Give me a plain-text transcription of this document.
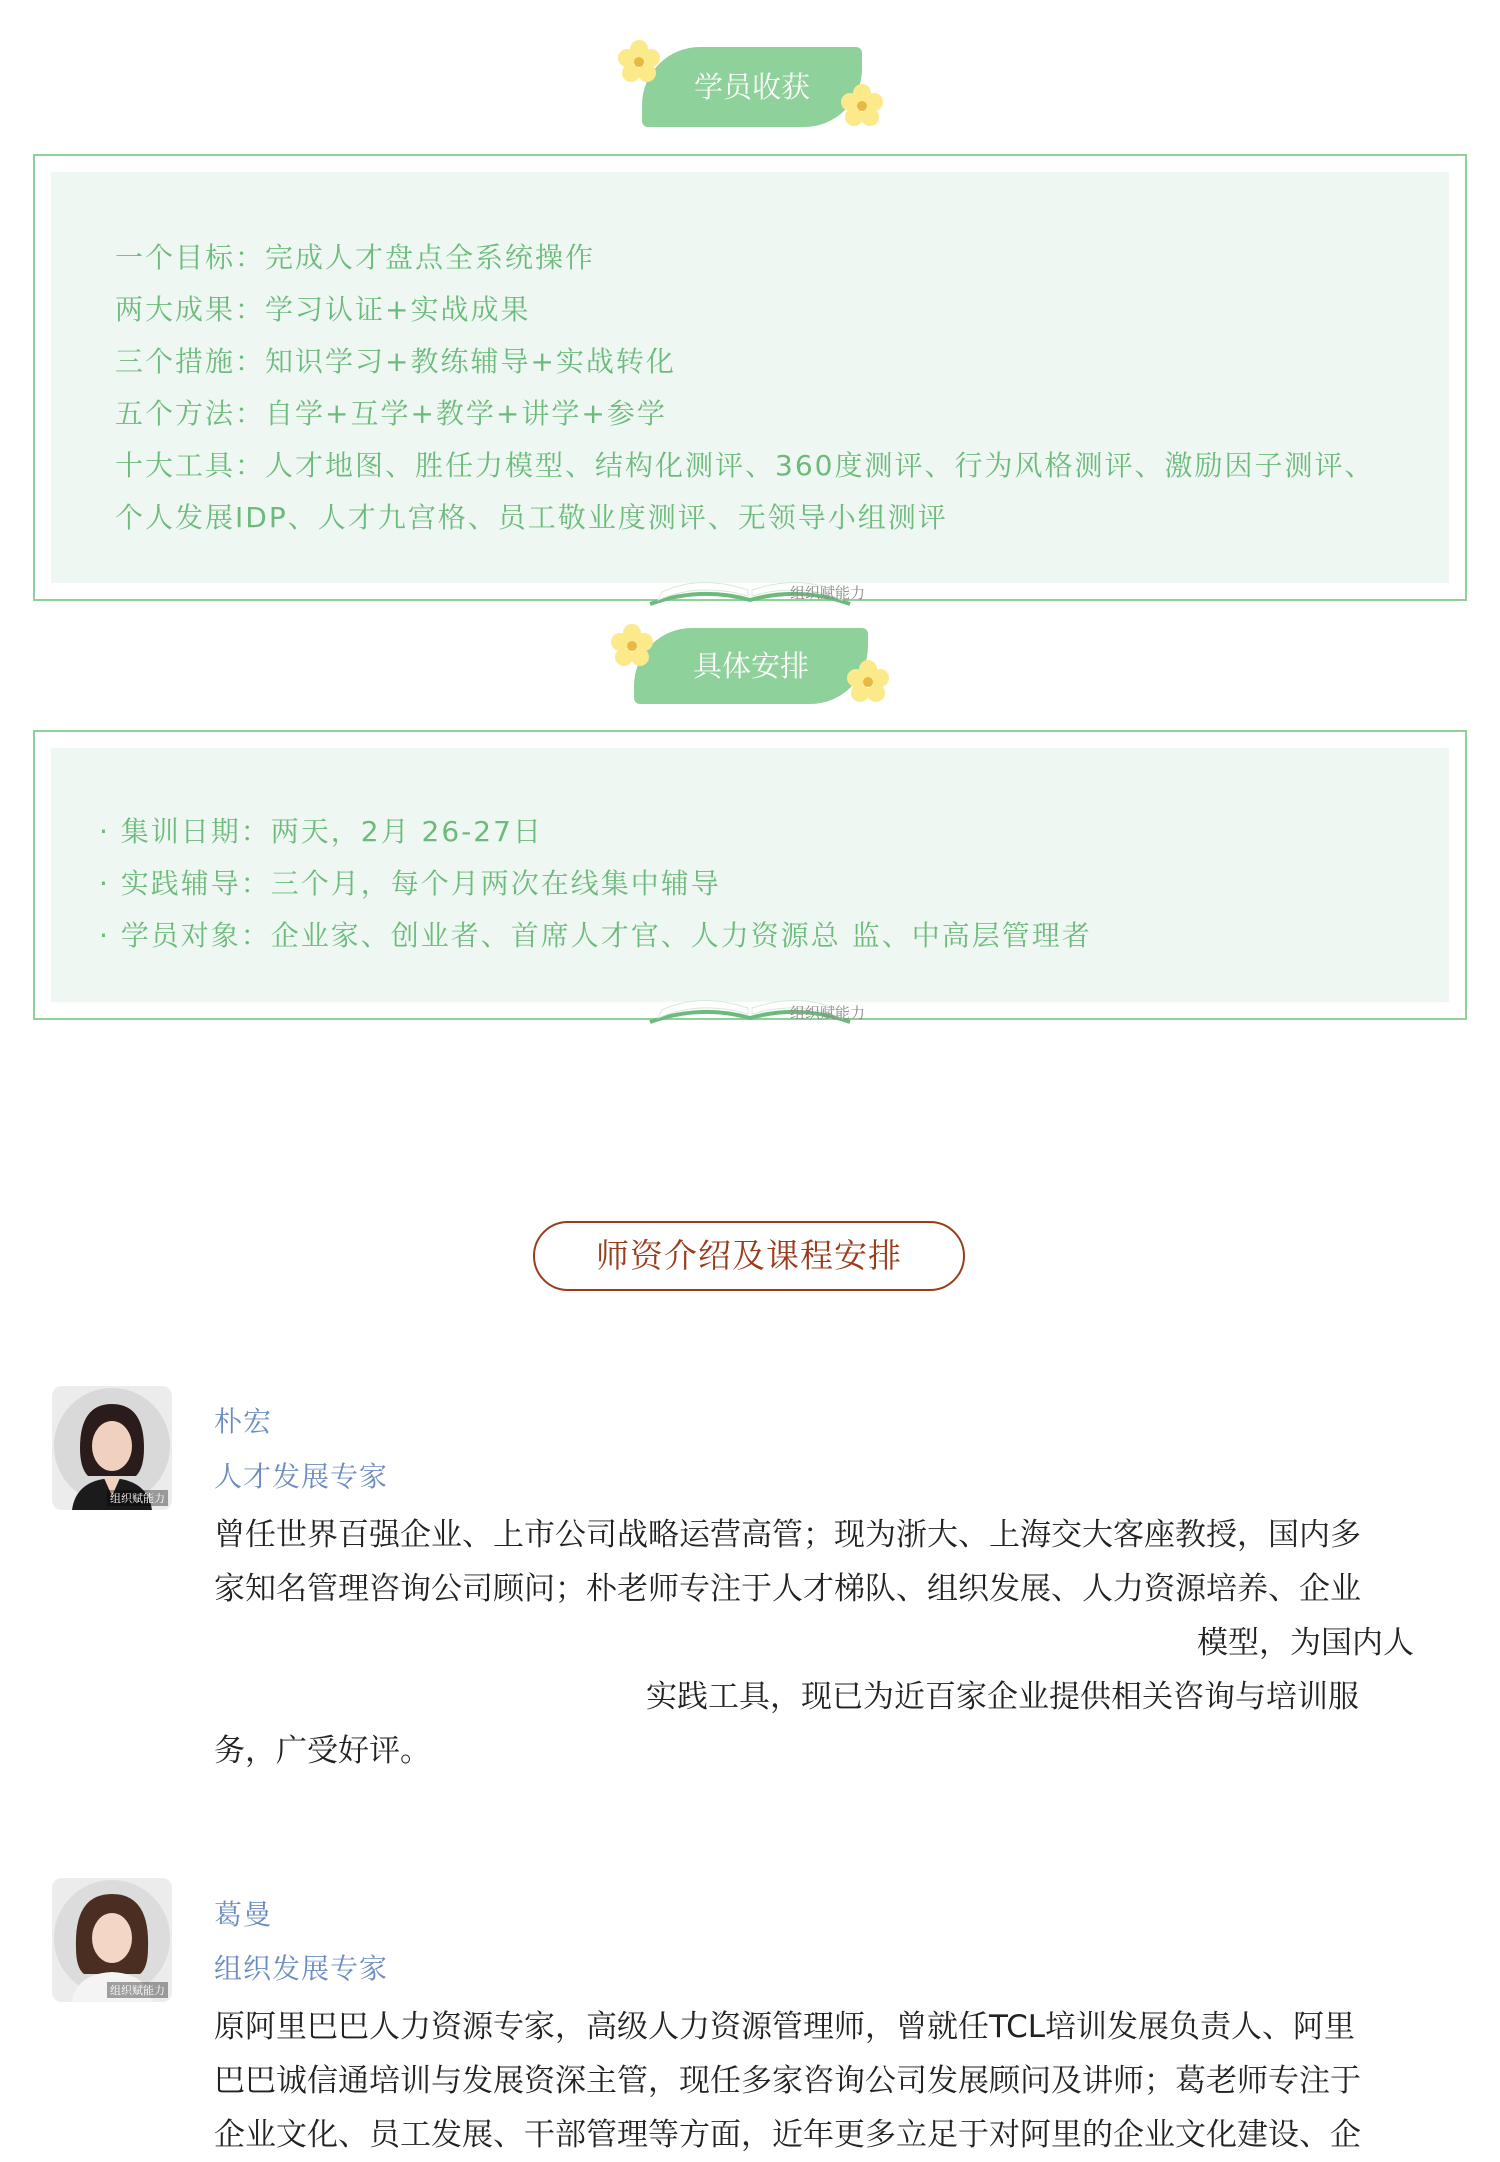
学员收获
一个目标：完成人才盘点全系统操作
两大成果：学习认证+实战成果
三个措施：知识学习+教练辅导+实战转化
五个方法：自学+互学+教学+讲学+参学
十大工具：人才地图、胜任力模型、结构化测评、360度测评、行为风格测评、激励因子测评、
个人发展IDP、人才九宫格、员工敬业度测评、无领导小组测评
组织赋能力
具体安排
· 集训日期：两天，2月 26-27日
· 实践辅导：三个月，每个月两次在线集中辅导
· 学员对象：企业家、创业者、首席人才官、人力资源总 监、中高层管理者
组织赋能力
师资介绍及课程安排
组织赋能力
朴宏
人才发展专家
曾任世界百强企业、上市公司战略运营高管；现为浙大、上海交大客座教授，国内多
家知名管理咨询公司顾问；朴老师专注于人才梯队、组织发展、人力资源培养、企业
模型，为国内人
实践工具，现已为近百家企业提供相关咨询与培训服
务，广受好评。
组织赋能力
葛曼
组织发展专家
原阿里巴巴人力资源专家，高级人力资源管理师，曾就任TCL培训发展负责人、阿里
巴巴诚信通培训与发展资深主管，现任多家咨询公司发展顾问及讲师；葛老师专注于
企业文化、员工发展、干部管理等方面，近年更多立足于对阿里的企业文化建设、企
